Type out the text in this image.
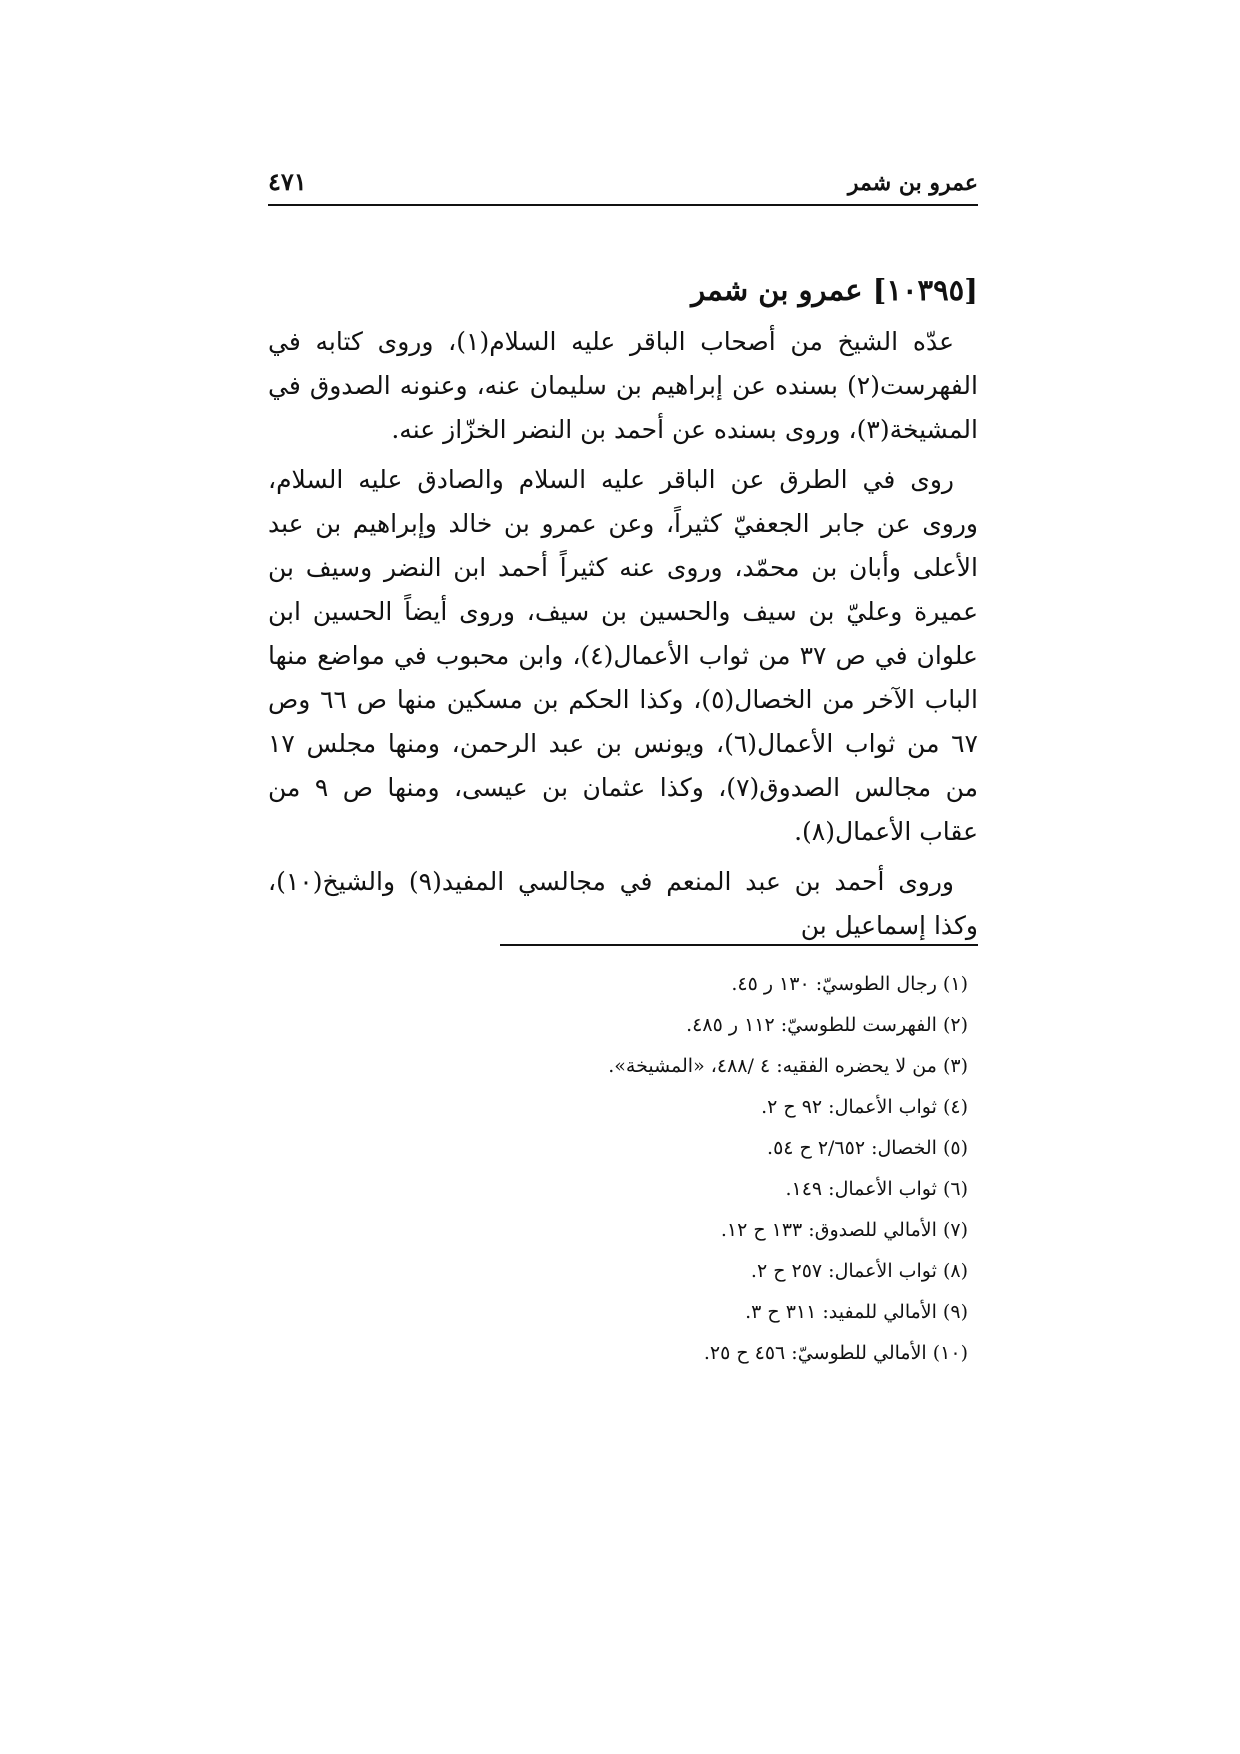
عمرو بن شمر
٤٧١
[١٠٣٩٥] عمرو بن شمر

عدّه الشيخ من أصحاب الباقر عليه السلام(١)، وروى كتابه في الفهرست(٢) بسنده عن إبراهيم بن سليمان عنه، وعنونه الصدوق في المشيخة(٣)، وروى بسنده عن أحمد بن النضر الخزّاز عنه.

روى في الطرق عن الباقر عليه السلام والصادق عليه السلام، وروى عن جابر الجعفيّ كثيراً، وعن عمرو بن خالد وإبراهيم بن عبد الأعلى وأبان بن محمّد، وروى عنه كثيراً أحمد ابن النضر وسيف بن عميرة وعليّ بن سيف والحسين بن سيف، وروى أيضاً الحسين ابن علوان في ص ٣٧ من ثواب الأعمال(٤)، وابن محبوب في مواضع منها الباب الآخر من الخصال(٥)، وكذا الحكم بن مسكين منها ص ٦٦ وص ٦٧ من ثواب الأعمال(٦)، ويونس بن عبد الرحمن، ومنها مجلس ١٧ من مجالس الصدوق(٧)، وكذا عثمان بن عيسى، ومنها ص ٩ من عقاب الأعمال(٨).

وروى أحمد بن عبد المنعم في مجالسي المفيد(٩) والشيخ(١٠)، وكذا إسماعيل بن

(١) رجال الطوسيّ: ١٣٠ ر ٤٥.
(٢) الفهرست للطوسيّ: ١١٢ ر ٤٨٥.
(٣) من لا يحضره الفقيه: ٤ /٤٨٨، «المشيخة».
(٤) ثواب الأعمال: ٩٢ ح ٢.
(٥) الخصال: ٢/٦٥٢ ح ٥٤.
(٦) ثواب الأعمال: ١٤٩.
(٧) الأمالي للصدوق: ١٣٣ ح ١٢.
(٨) ثواب الأعمال: ٢٥٧ ح ٢.
(٩) الأمالي للمفيد: ٣١١ ح ٣.
(١٠) الأمالي للطوسيّ: ٤٥٦ ح ٢٥.
